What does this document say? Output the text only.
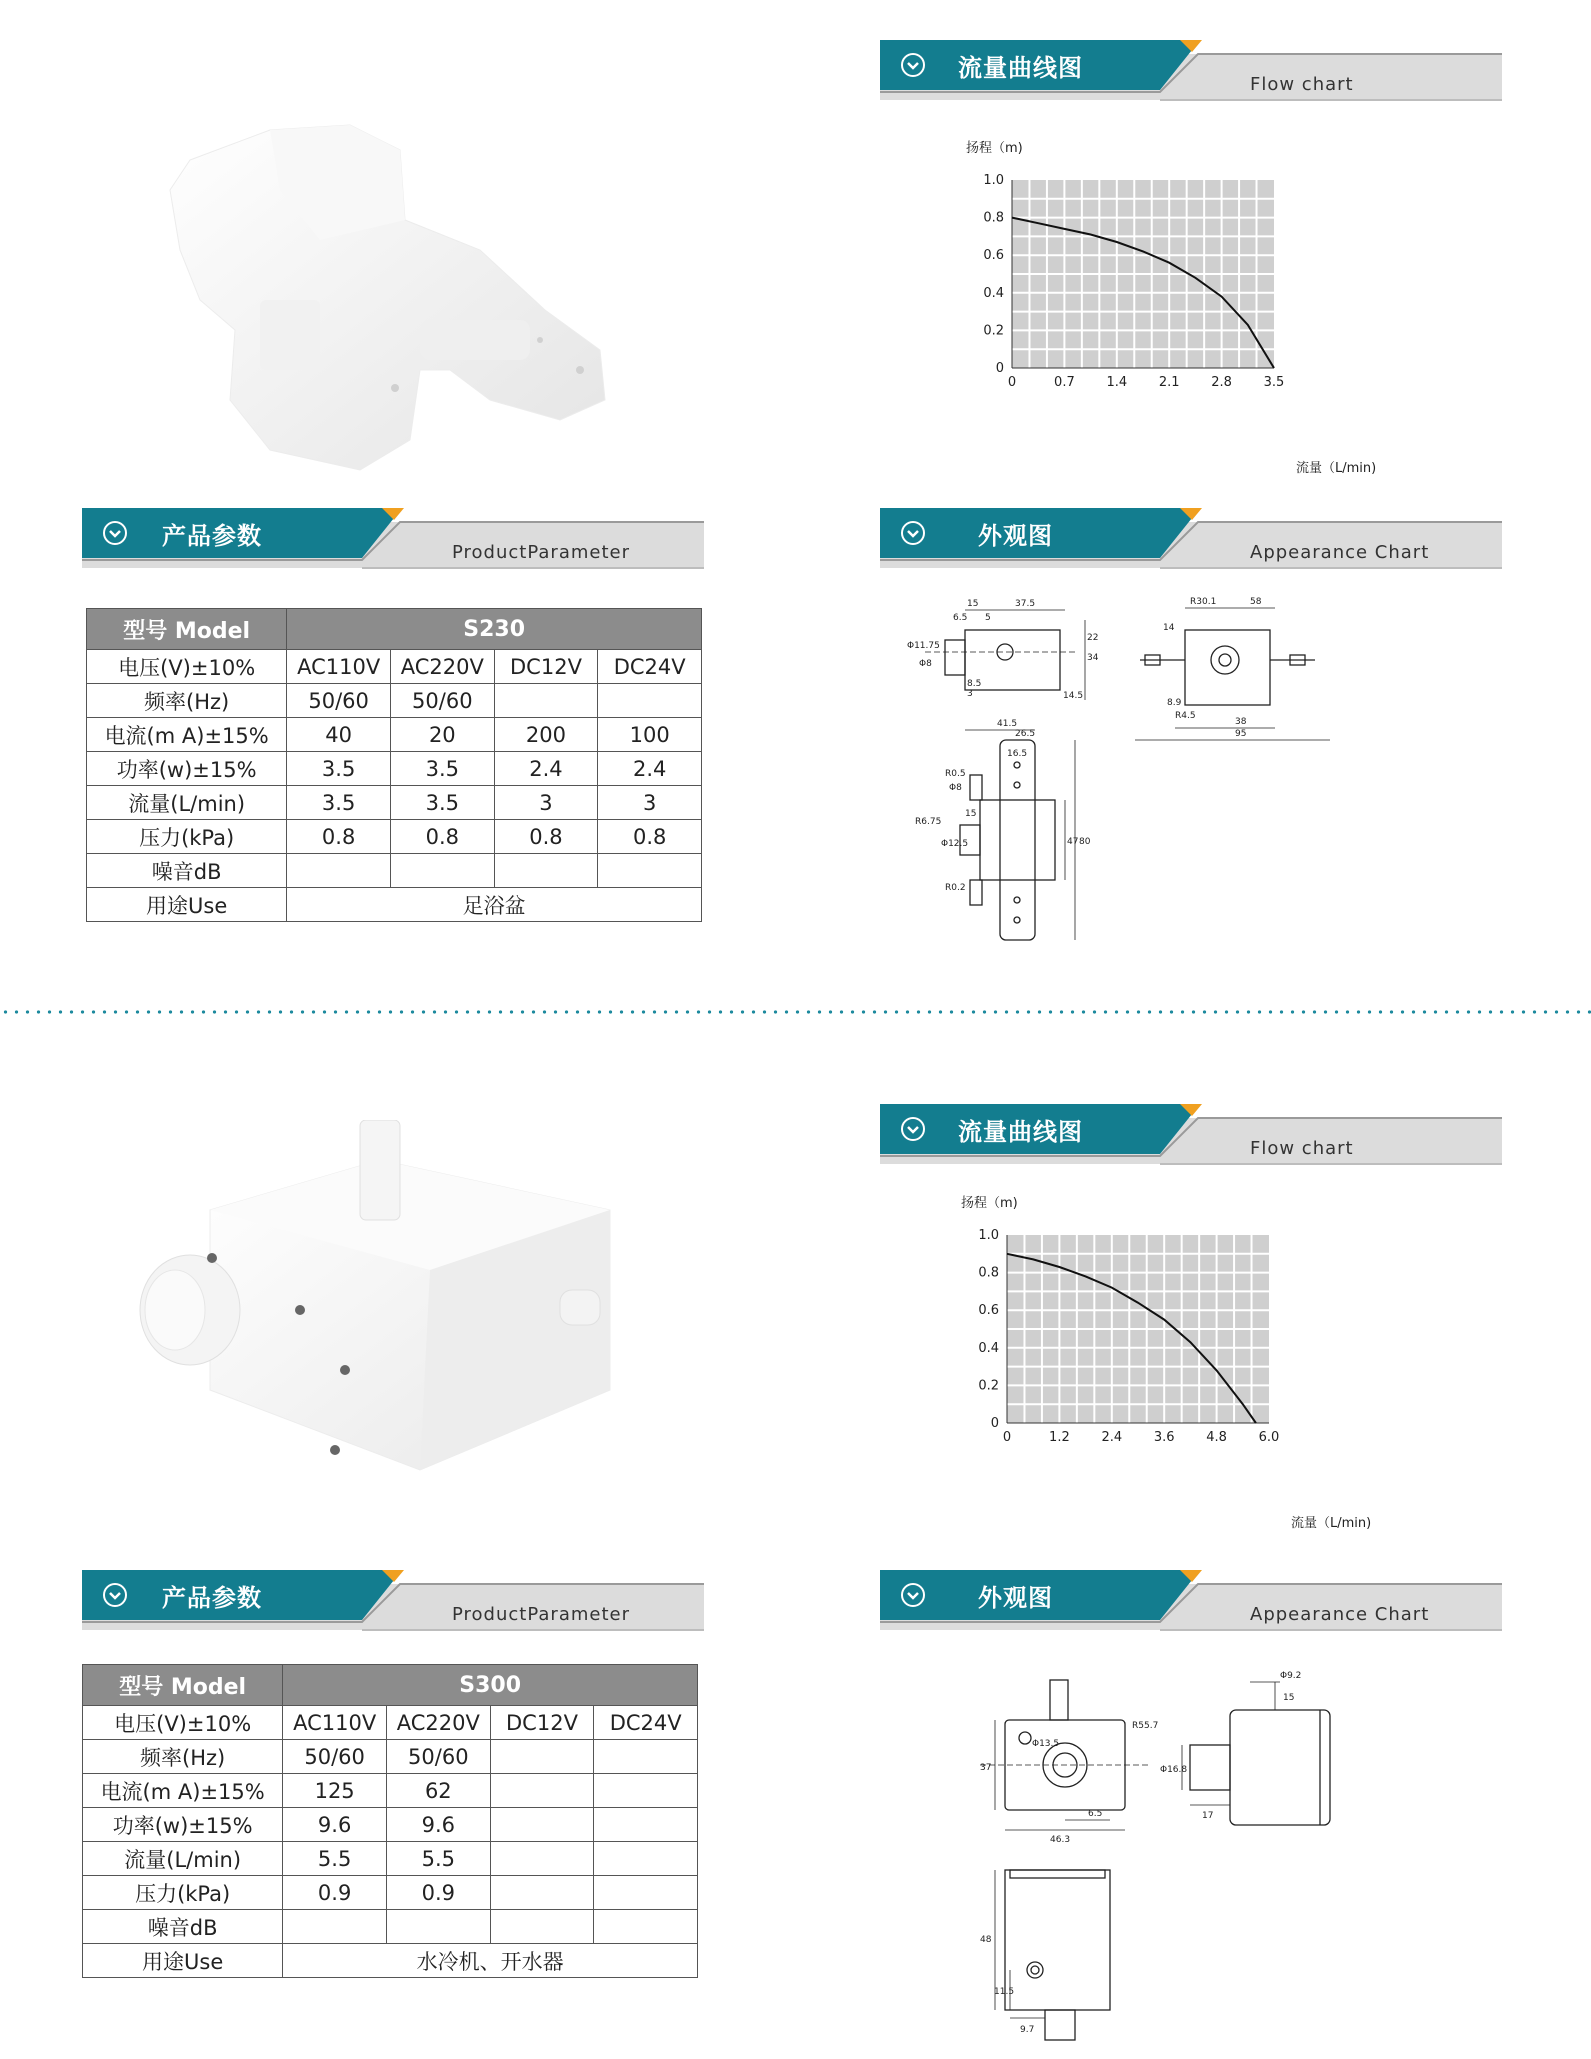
流量曲线图
Flow chart
扬程（m)
流量（L/min)
0	0.7 1.4 2.1 2.8 3.5
0
0.2
0.4
0.6
0.8
1.0
产品参数
ProductParameter
外观图
Appearance Chart
型号 Model	S230			
电压(V)±10%	AC110V	AC220V	DC12V	DC24V
频率(Hz)	50/60	50/60		
电流(m A)±15%	40	20	200	100
功率(w)±15%	3.5	3.5	2.4	2.4
流量(L/min)	3.5	3.5	3	3
压力(kPa)	0.8	0.8	0.8	0.8
噪音dB				
用途Use	足浴盆			
15
6.5 5
37.5
22
34
14.5
8.5
3
Φ11.75
Φ8
R30.1	58
14
R4.5
38
95
8.9
41.5
26.5
16.5
R0.5
Φ8
R6.75
Φ12.5	47 80
R0.2
15
流量曲线图
Flow chart
扬程（m)
流量（L/min)
0	1.2 2.4 3.6 4.8 6.0
0
0.2
0.4
0.6
0.8
1.0
产品参数
ProductParameter
外观图
Appearance Chart
型号 Model	S300			
电压(V)±10%	AC110V	AC220V	DC12V	DC24V
频率(Hz)	50/60	50/60		
电流(m A)±15%	125	62		
功率(w)±15%	9.6	9.6		
流量(L/min)	5.5	5.5		
压力(kPa)	0.9	0.9		
噪音dB				
用途Use	水冷机、开水器			
R55.7
Φ13.5
37
6.5
46.3
Φ9.2
15
Φ16.8
17
48
11.5
9.7
